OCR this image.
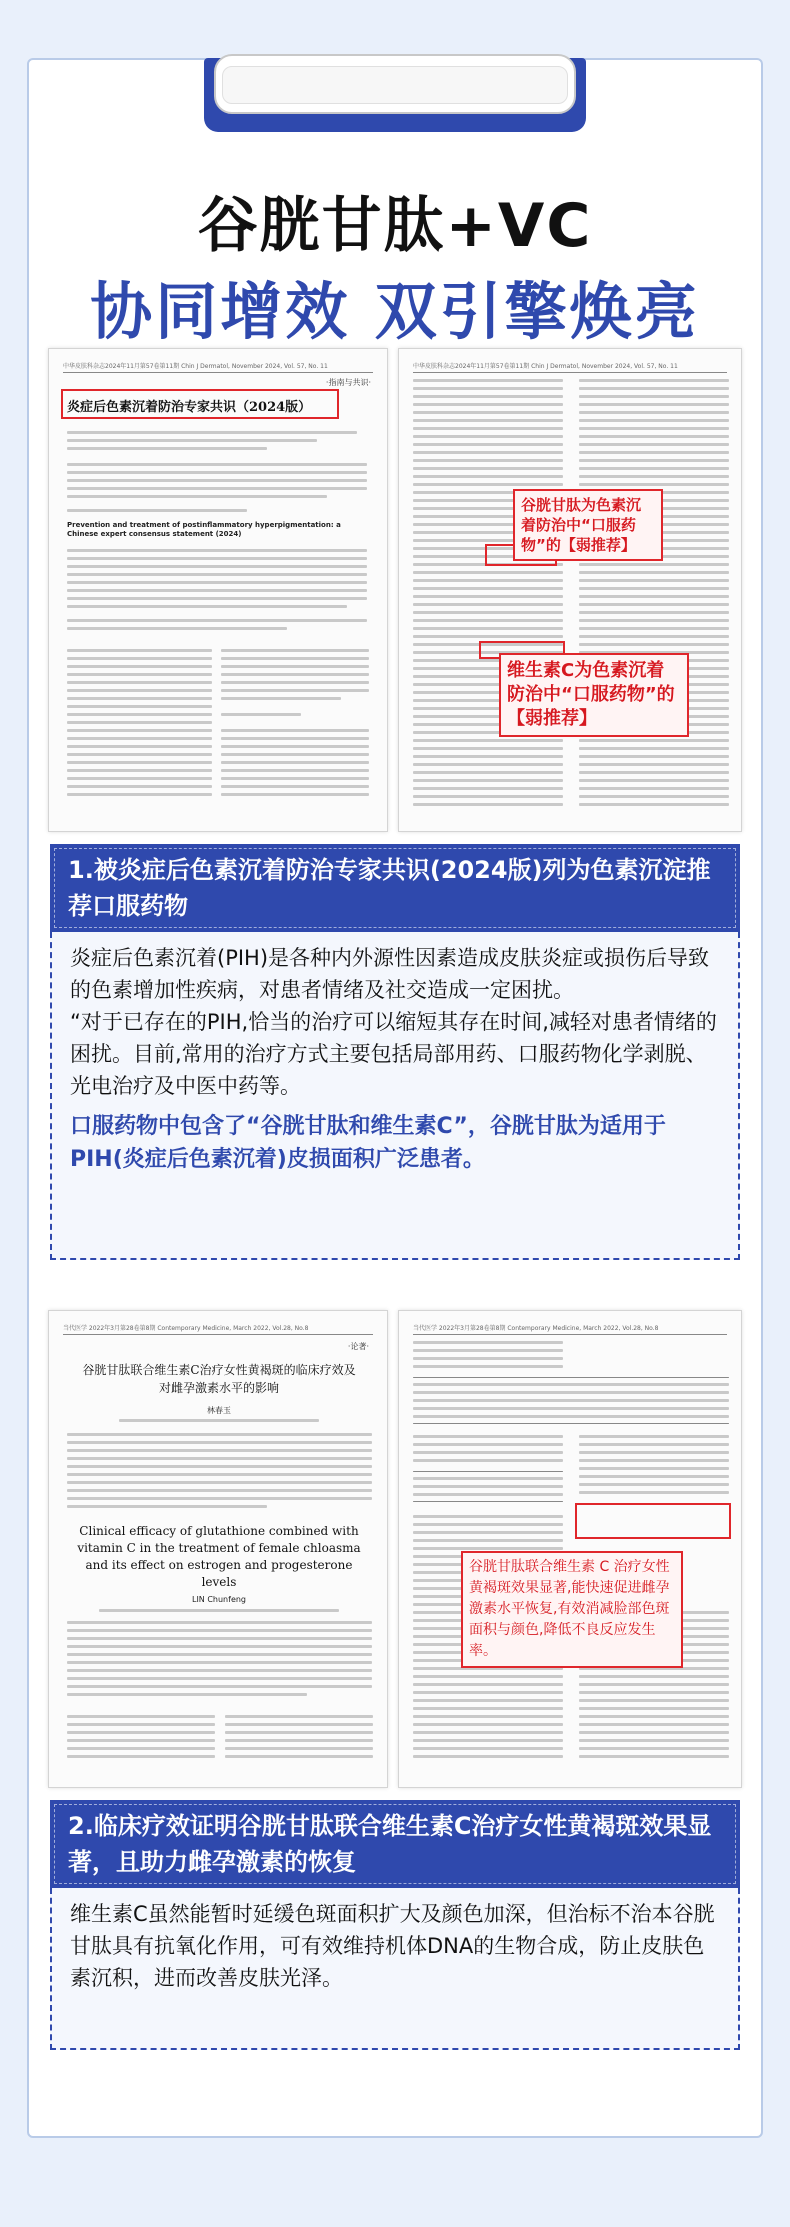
谷胱甘肽+VC
协同增效 双引擎焕亮
中华皮肤科杂志2024年11月第57卷第11期 Chin J Dermatol, November 2024, Vol. 57, No. 11
·指南与共识·
炎症后色素沉着防治专家共识（2024版）
Prevention and treatment of postinflammatory hyperpigmentation: a Chinese expert consensus statement (2024)
中华皮肤科杂志2024年11月第57卷第11期 Chin J Dermatol, November 2024, Vol. 57, No. 11
谷胱甘肽为色素沉着防治中“口服药物”的【弱推荐】
维生素C为色素沉着防治中“口服药物”的【弱推荐】
1.被炎症后色素沉着防治专家共识(2024版)列为色素沉淀推荐口服药物

炎症后色素沉着(PIH)是各种内外源性因素造成皮肤炎症或损伤后导致的色素增加性疾病，对患者情绪及社交造成一定困扰。

“对于已存在的PIH,恰当的治疗可以缩短其存在时间,减轻对患者情绪的困扰。目前,常用的治疗方式主要包括局部用药、口服药物化学剥脱、光电治疗及中医中药等。

口服药物中包含了“谷胱甘肽和维生素C”，谷胱甘肽为适用于PIH(炎症后色素沉着)皮损面积广泛患者。

当代医学 2022年3月第28卷第8期 Contemporary Medicine, March 2022, Vol.28, No.8
·论著·
谷胱甘肽联合维生素C治疗女性黄褐斑的临床疗效及对雌孕激素水平的影响
林春玉
Clinical efficacy of glutathione combined with vitamin C in the treatment of female chloasma and its effect on estrogen and progesterone levels
LIN Chunfeng
当代医学 2022年3月第28卷第8期 Contemporary Medicine, March 2022, Vol.28, No.8
谷胱甘肽联合维生素 C 治疗女性黄褐斑效果显著,能快速促进雌孕激素水平恢复,有效消减脸部色斑面积与颜色,降低不良反应发生率。
2.临床疗效证明谷胱甘肽联合维生素C治疗女性黄褐斑效果显著，且助力雌孕激素的恢复

维生素C虽然能暂时延缓色斑面积扩大及颜色加深，但治标不治本谷胱甘肽具有抗氧化作用，可有效维持机体DNA的生物合成，防止皮肤色素沉积，进而改善皮肤光泽。
